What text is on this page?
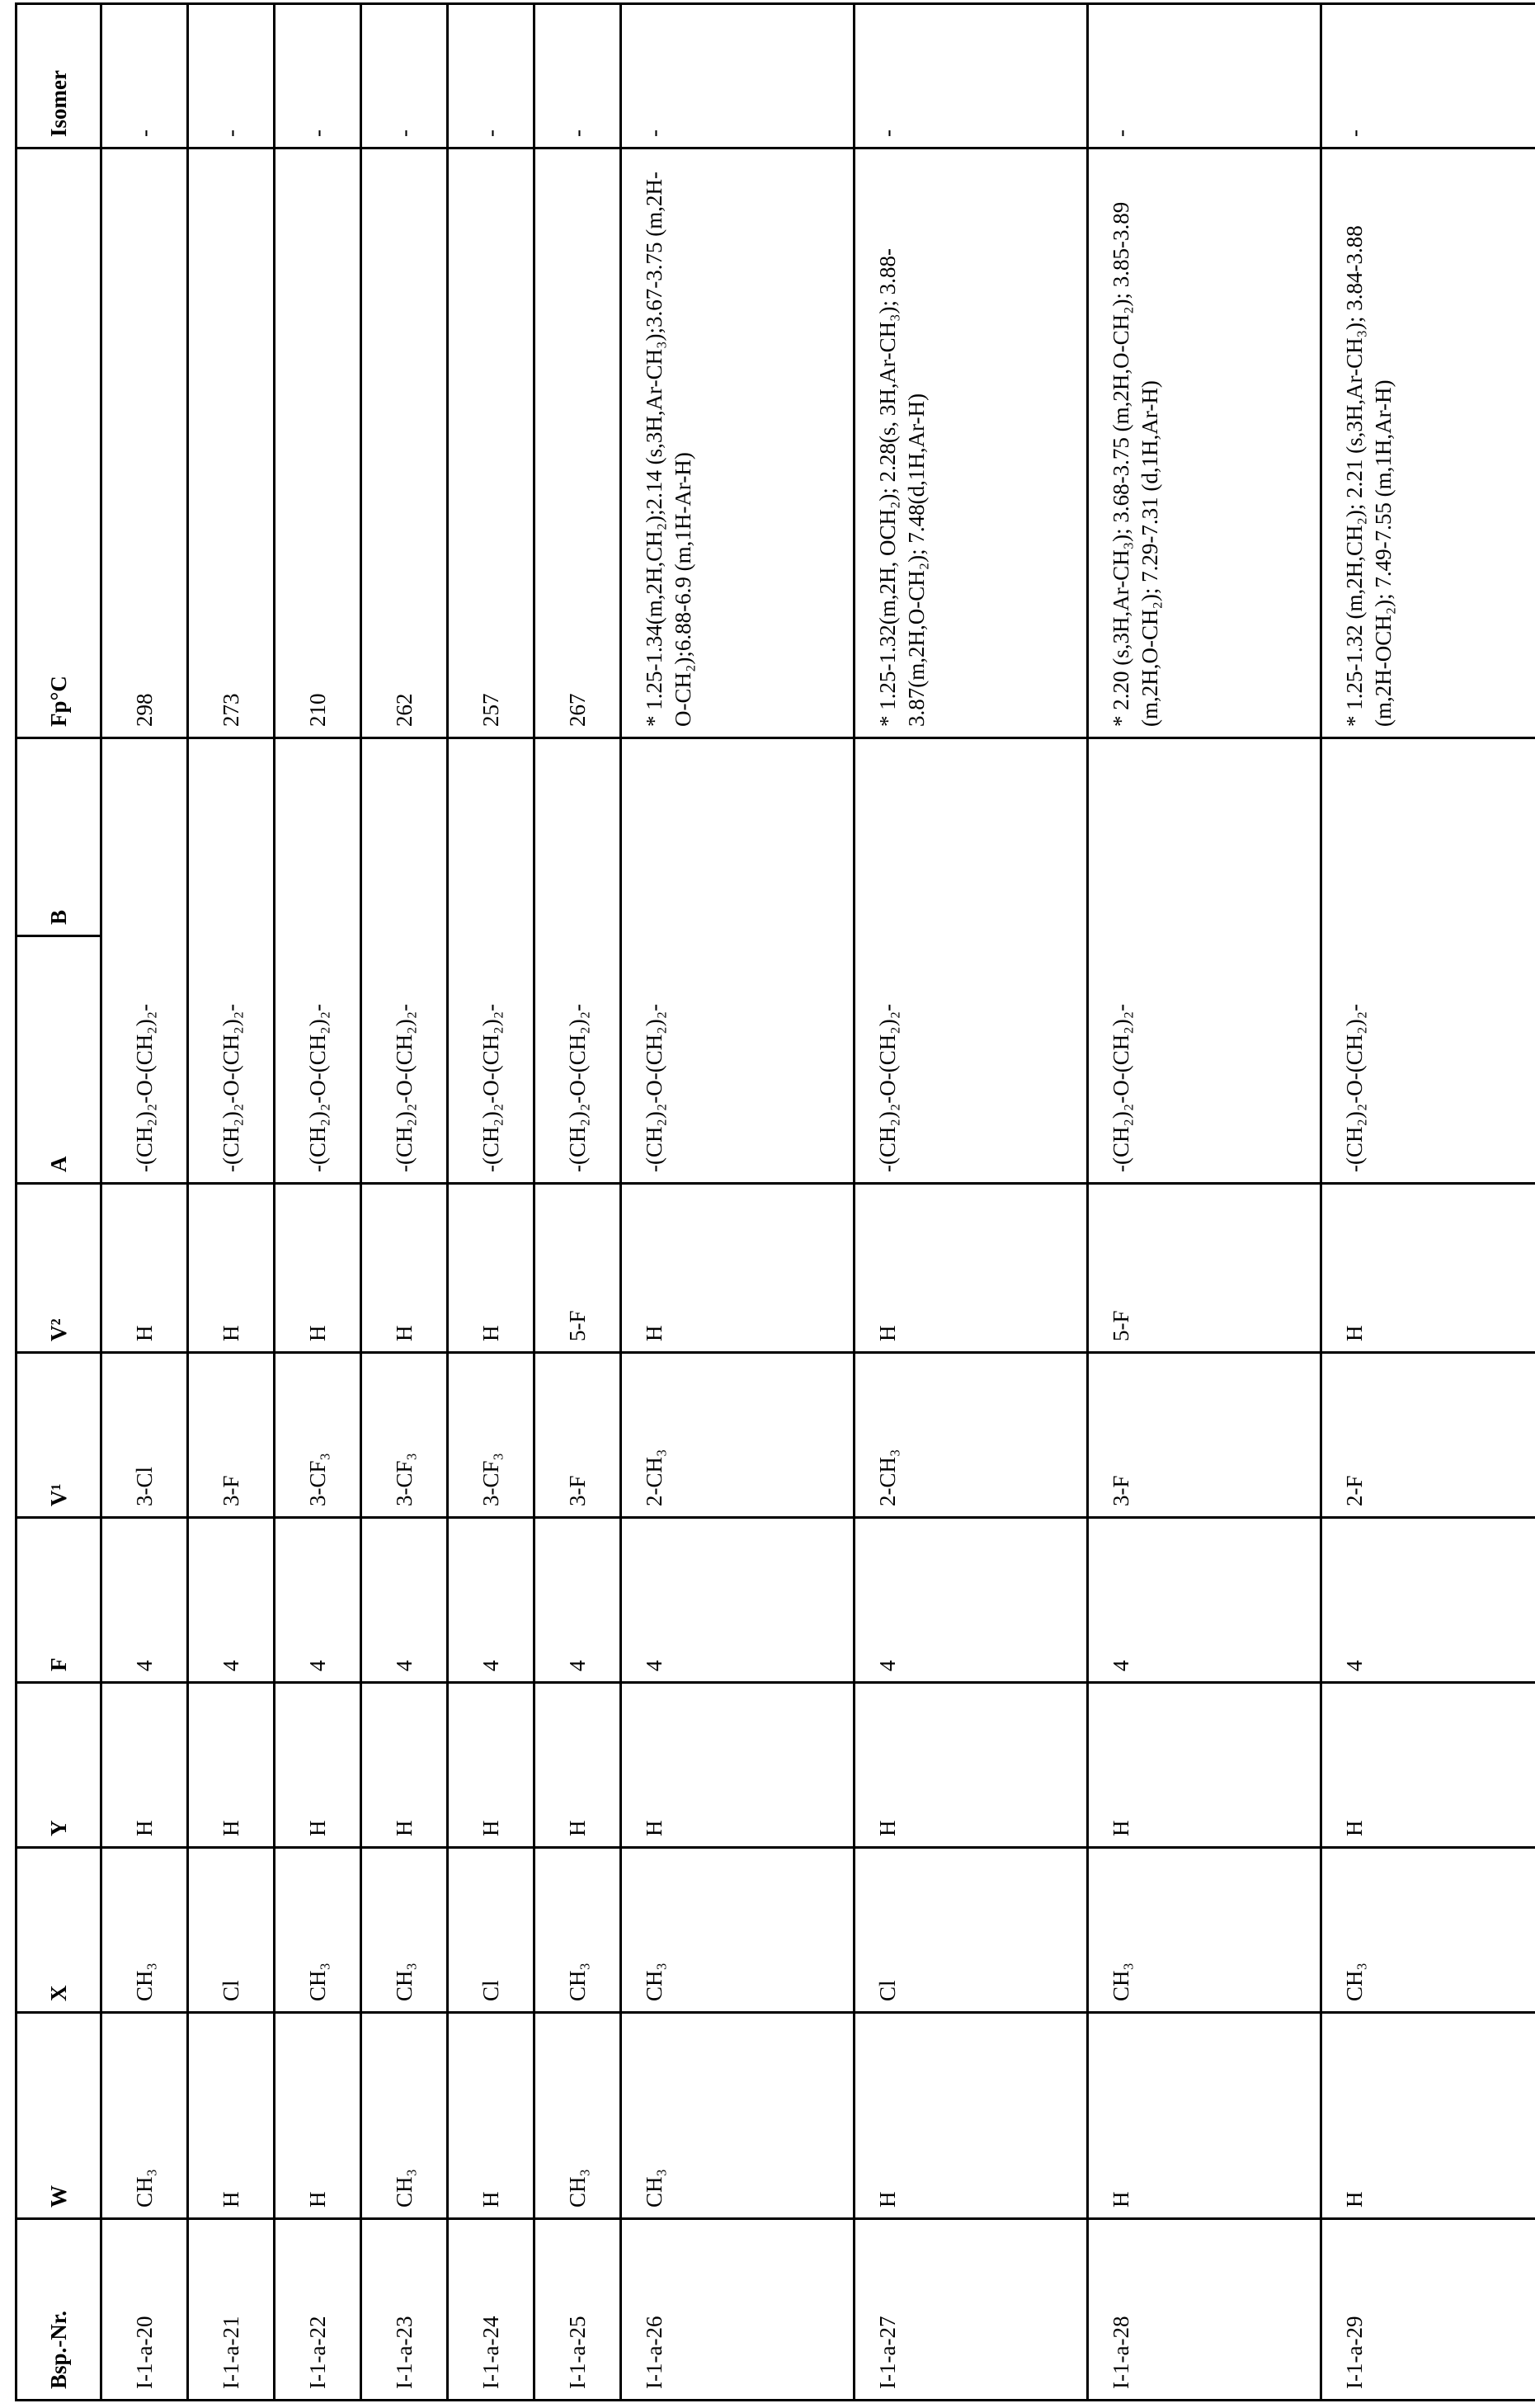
Bsp.-Nr.	W	X	Y	F	V¹	V²	A	B	Fp°C	Isomer
I-1-a-20	CH₃	CH₃	H	4	3-Cl	H	-(CH₂)₂-O-(CH₂)₂-	298	-
I-1-a-21	H	Cl	H	4	3-F	H	-(CH₂)₂-O-(CH₂)₂-	273	-
I-1-a-22	H	CH₃	H	4	3-CF₃	H	-(CH₂)₂-O-(CH₂)₂-	210	-
I-1-a-23	CH₃	CH₃	H	4	3-CF₃	H	-(CH₂)₂-O-(CH₂)₂-	262	-
I-1-a-24	H	Cl	H	4	3-CF₃	H	-(CH₂)₂-O-(CH₂)₂-	257	-
I-1-a-25	CH₃	CH₃	H	4	3-F	5-F	-(CH₂)₂-O-(CH₂)₂-	267	-
I-1-a-26	CH₃	CH₃	H	4	2-CH₃	H	-(CH₂)₂-O-(CH₂)₂-	* 1.25-1.34(m,2H,CH₂);2.14 (s,3H,Ar-CH₃);3.67-3.75 (m,2H-O-CH₂);6.88-6.9 (m,1H-Ar-H)	-
I-1-a-27	H	Cl	H	4	2-CH₃	H	-(CH₂)₂-O-(CH₂)₂-	* 1.25-1.32(m,2H, OCH₂); 2.28(s, 3H,Ar-CH₃); 3.88-3.87(m,2H,O-CH₂); 7.48(d,1H,Ar-H)	-
I-1-a-28	H	CH₃	H	4	3-F	5-F	-(CH₂)₂-O-(CH₂)₂-	* 2.20 (s,3H,Ar-CH₃); 3.68-3.75 (m,2H,O-CH₂); 3.85-3.89 (m,2H,O-CH₂); 7.29-7.31 (d,1H,Ar-H)	-
I-1-a-29	H	CH₃	H	4	2-F	H	-(CH₂)₂-O-(CH₂)₂-	* 1.25-1.32 (m,2H,CH₂); 2.21 (s,3H,Ar-CH₃); 3.84-3.88 (m,2H-OCH₂); 7.49-7.55 (m,1H,Ar-H)	-
